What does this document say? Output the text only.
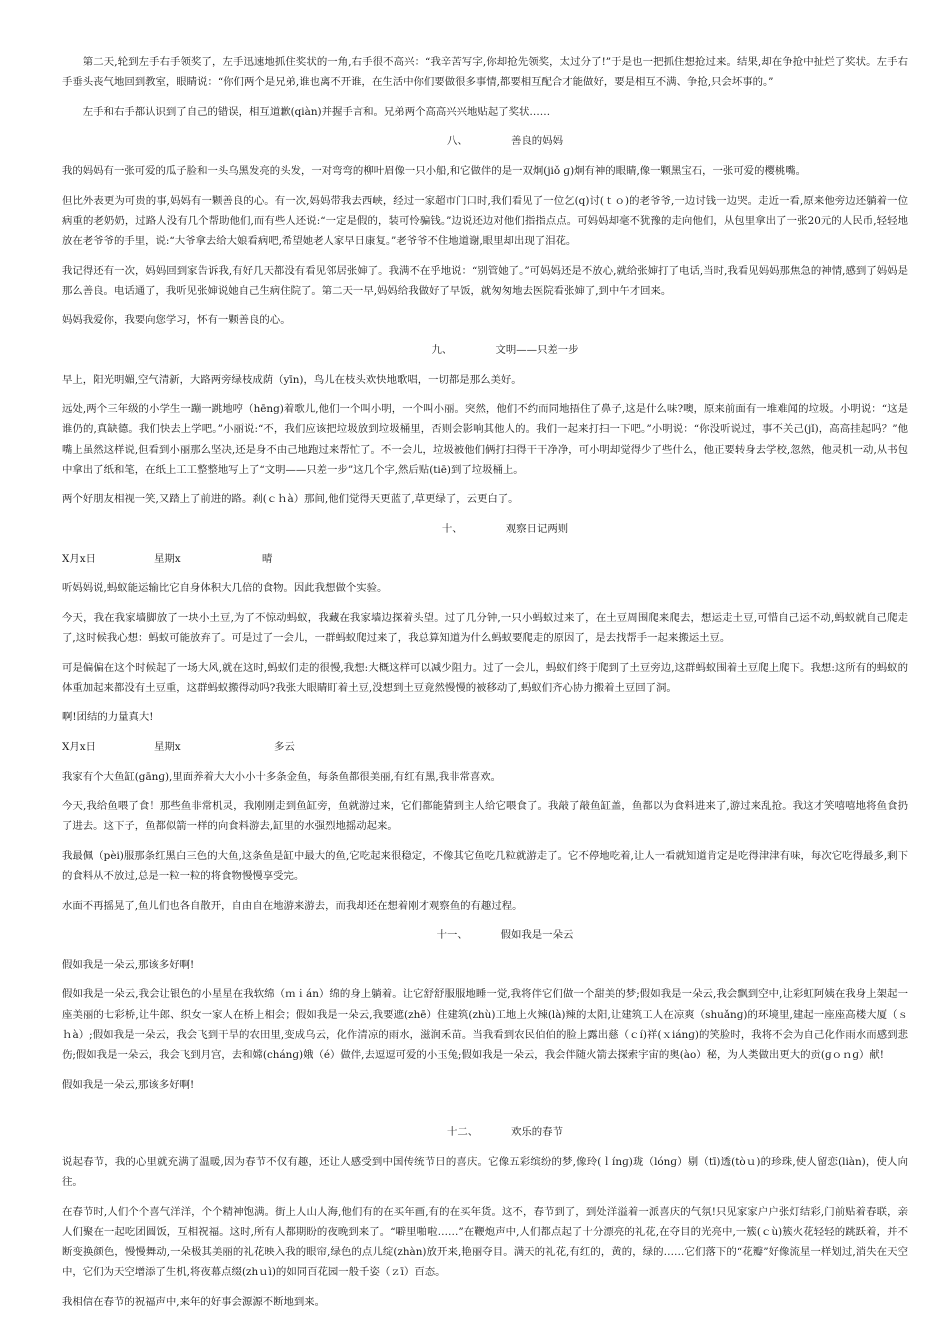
第二天,轮到左手右手领奖了，左手迅速地抓住奖状的一角,右手很不高兴：“我辛苦写字,你却抢先领奖，太过分了!”于是也一把抓住想抢过来。结果,却在争抢中扯烂了奖状。左手右手垂头丧气地回到教室，眼睛说：“你们两个是兄弟,谁也离不开谁，在生活中你们要做很多事情,都要相互配合才能做好，要是相互不满、争抢,只会坏事的。”

左手和右手都认识到了自己的错误，相互道歉(qiàn)并握手言和。兄弟两个高高兴兴地贴起了奖状……

八、	善良的妈妈

我的妈妈有一张可爱的瓜子脸和一头乌黑发亮的头发，一对弯弯的柳叶眉像一只小船,和它做伴的是一双炯(jiǒ ɡ)炯有神的眼睛,像一颗黑宝石，一张可爱的樱桃嘴。

但比外表更为可贵的事,妈妈有一颗善良的心。有一次,妈妈带我去西峡，经过一家超市门口时,我们看见了一位乞(q)讨(ｔｏ)的老爷爷,一边讨钱一边哭。走近一看,原来他旁边还躺着一位病重的老奶奶，过路人没有几个帮助他们,而有些人还说:“一定是假的，装可怜骗钱。”边说还边对他们指指点点。可妈妈却毫不犹豫的走向他们，从包里拿出了一张20元的人民币,轻轻地放在老爷爷的手里，说:“大爷拿去给大娘看病吧,希望她老人家早日康复。”老爷爷不住地道谢,眼里却出现了泪花。

我记得还有一次，妈妈回到家告诉我,有好几天都没有看见邻居张婶了。我满不在乎地说：“别管她了。”可妈妈还是不放心,就给张婶打了电话,当时,我看见妈妈那焦急的神情,感到了妈妈是那么善良。电话通了，我听见张婶说她自己生病住院了。第二天一早,妈妈给我做好了早饭，就匆匆地去医院看张婶了,到中午才回来。

妈妈我爱你，我要向您学习，怀有一颗善良的心。

九、	文明——只差一步

早上，阳光明媚,空气清新，大路两旁绿枝成荫（yīn)，鸟儿在枝头欢快地歌唱，一切都是那么美好。

远处,两个三年级的小学生一蹦一跳地哼（hēng)着歌儿,他们一个叫小明，一个叫小丽。突然，他们不约而同地捂住了鼻子,这是什么味?噢，原来前面有一堆难闻的垃圾。小明说：“这是谁仍的,真缺德。我们快去上学吧。”小丽说:“不，我们应该把垃圾放到垃圾桶里，否则会影响其他人的。我们一起来打扫一下吧。”小明说：“你没听说过，事不关己(jǐ)，高高挂起吗？”他嘴上虽然这样说,但看到小丽那么坚决,还是身不由己地跑过来帮忙了。不一会儿，垃圾被他们俩打扫得干干净净，可小明却觉得少了些什么，他正要转身去学校,忽然，他灵机一动,从书包中拿出了纸和笔，在纸上工工整整地写上了“文明——只差一步”这几个字,然后贴(tiē)到了垃圾桶上。

两个好朋友相视一笑,又踏上了前进的路。刹(ｃｈà）那间,他们觉得天更蓝了,草更绿了，云更白了。

十、	观察日记两则
X月x日	星期x	晴

听妈妈说,蚂蚁能运输比它自身体积大几倍的食物。因此我想做个实验。

今天，我在我家墙脚放了一块小土豆,为了不惊动蚂蚁，我藏在我家墙边探着头望。过了几分钟,一只小蚂蚁过来了，在土豆周围爬来爬去，想运走土豆,可惜自己运不动,蚂蚁就自己爬走了,这时候我心想：蚂蚁可能放弃了。可是过了一会儿，一群蚂蚁爬过来了，我总算知道为什么蚂蚁要爬走的原因了，是去找帮手一起来搬运土豆。

可是偏偏在这个时候起了一场大风,就在这时,蚂蚁们走的很慢,我想:大概这样可以减少阻力。过了一会儿，蚂蚁们终于爬到了土豆旁边,这群蚂蚁围着土豆爬上爬下。我想:这所有的蚂蚁的体重加起来都没有土豆重，这群蚂蚁搬得动吗?我张大眼睛盯着土豆,没想到土豆竟然慢慢的被移动了,蚂蚁们齐心协力搬着土豆回了洞。

啊!团结的力量真大!

X月x日	星期x	多云

我家有个大鱼缸(gānɡ),里面养着大大小小十多条金鱼，每条鱼都很美丽,有红有黑,我非常喜欢。

今天,我给鱼喂了食！那些鱼非常机灵，我刚刚走到鱼缸旁，鱼就游过来，它们都能猜到主人给它喂食了。我敲了敲鱼缸盖，鱼都以为食料进来了,游过来乱抢。我这才笑嘻嘻地将鱼食扔了进去。这下子，鱼都似箭一样的向食料游去,缸里的水强烈地摇动起来。

我最佩（pèi)服那条红黑白三色的大鱼,这条鱼是缸中最大的鱼,它吃起来很稳定，不像其它鱼吃几粒就游走了。它不停地吃着,让人一看就知道肯定是吃得津津有味，每次它吃得最多,剩下的食料从不放过,总是一粒一粒的将食物慢慢享受完。

水面不再摇晃了,鱼儿们也各自散开，自由自在地游来游去，而我却还在想着刚才观察鱼的有趣过程。

十一、	假如我是一朵云

假如我是一朵云,那该多好啊!

假如我是一朵云,我会让银色的小星星在我软绵（ｍｉán）绵的身上躺着。让它舒舒服服地睡一觉,我将伴它们做一个甜美的梦;假如我是一朵云,我会飘到空中,让彩虹阿姨在我身上架起一座美丽的七彩桥,让牛郎、织女一家人在桥上相会；假如我是一朵云,我要遮(zhē）住建筑(zhù)工地上火辣(là)辣的太阳,让建筑工人在凉爽（shuǎnɡ)的环境里,建起一座座高楼大厦（ｓｈà）;假如我是一朵云，我会飞到干旱的农田里,变成乌云，化作清凉的雨水，滋润禾苗。当我看到农民伯伯的脸上露出慈（ｃí)祥(ｘiánɡ)的笑脸时，我将不会为自己化作雨水而感到悲伤;假如我是一朵云，我会飞到月宫，去和嫦(chánɡ)娥（é）做伴,去逗逗可爱的小玉兔;假如我是一朵云，我会伴随火箭去探索宇宙的奥(ào）秘，为人类做出更大的贡(ɡｏｎɡ）献!

假如我是一朵云,那该多好啊!

十二、	欢乐的春节

说起春节，我的心里就充满了温暖,因为春节不仅有趣，还让人感受到中国传统节日的喜庆。它像五彩缤纷的梦,像玲(ｌínɡ)珑（lónɡ）剔（tī)透(tòｕ)的珍珠,使人留恋(liàn)，使人向往。

在春节时,人们个个喜气洋洋，个个精神饱满。街上人山人海,他们有的在买年画,有的在买年货。这不，春节到了，到处洋溢着一派喜庆的气氛!只见家家户户张灯结彩,门前贴着春联，亲人们聚在一起吃团圆饭，互相祝福。这时,所有人都期盼的夜晚到来了。“噼里啪啦……”在鞭炮声中,人们都点起了十分漂亮的礼花,在夺目的光亮中,一簇(ｃù)簇火花轻轻的跳跃着，并不断变换颜色，慢慢舞动,一朵极其美丽的礼花映入我的眼帘,绿色的点儿绽(zhàn)放开来,艳丽夺目。满天的礼花,有红的，黄的，绿的……它们落下的“花瓣”好像流星一样划过,消失在天空中，它们为天空增添了生机,将夜幕点缀(zhｕì)的如同百花园一般千姿（ｚī）百态。

我相信在春节的祝福声中,来年的好事会源源不断地到来。
